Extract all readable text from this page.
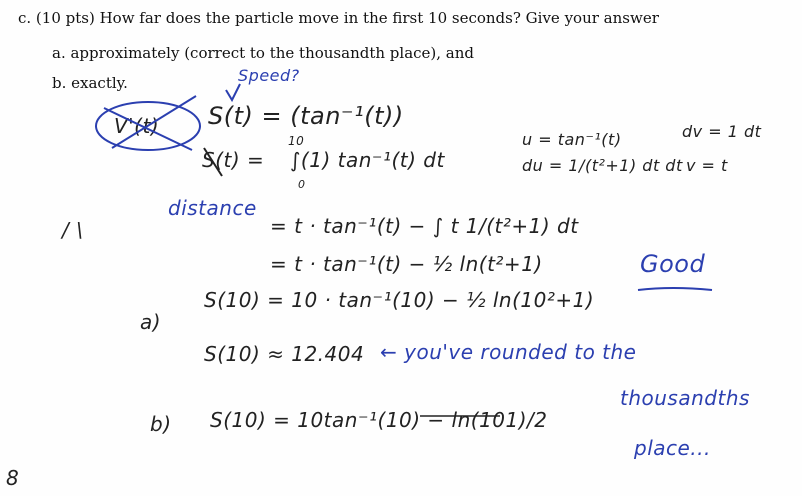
c. (10 pts) How far does the particle move in the first 10 seconds? Give your answer
a. approximately (correct to the thousandth place), and
b. exactly.
V'(t) S(t) = (tan⁻¹(t))
S(t) =
10
0
∫(1) tan⁻¹(t) dt
u = tan⁻¹(t)
du = 1/(t²+1) dt dt
dv = 1 dt
v = t
= t · tan⁻¹(t) − ∫ t 1/(t²+1) dt
= t · tan⁻¹(t) − ½ ln(t²+1)
a)
S(10) = 10 · tan⁻¹(10) − ½ ln(10²+1)
S(10) ≈ 12.404
b) S(10) = 10tan⁻¹(10) − ln(101)/2
/ \
8
Speed?
distance
Good
← you've rounded to the
thousandths
place...
